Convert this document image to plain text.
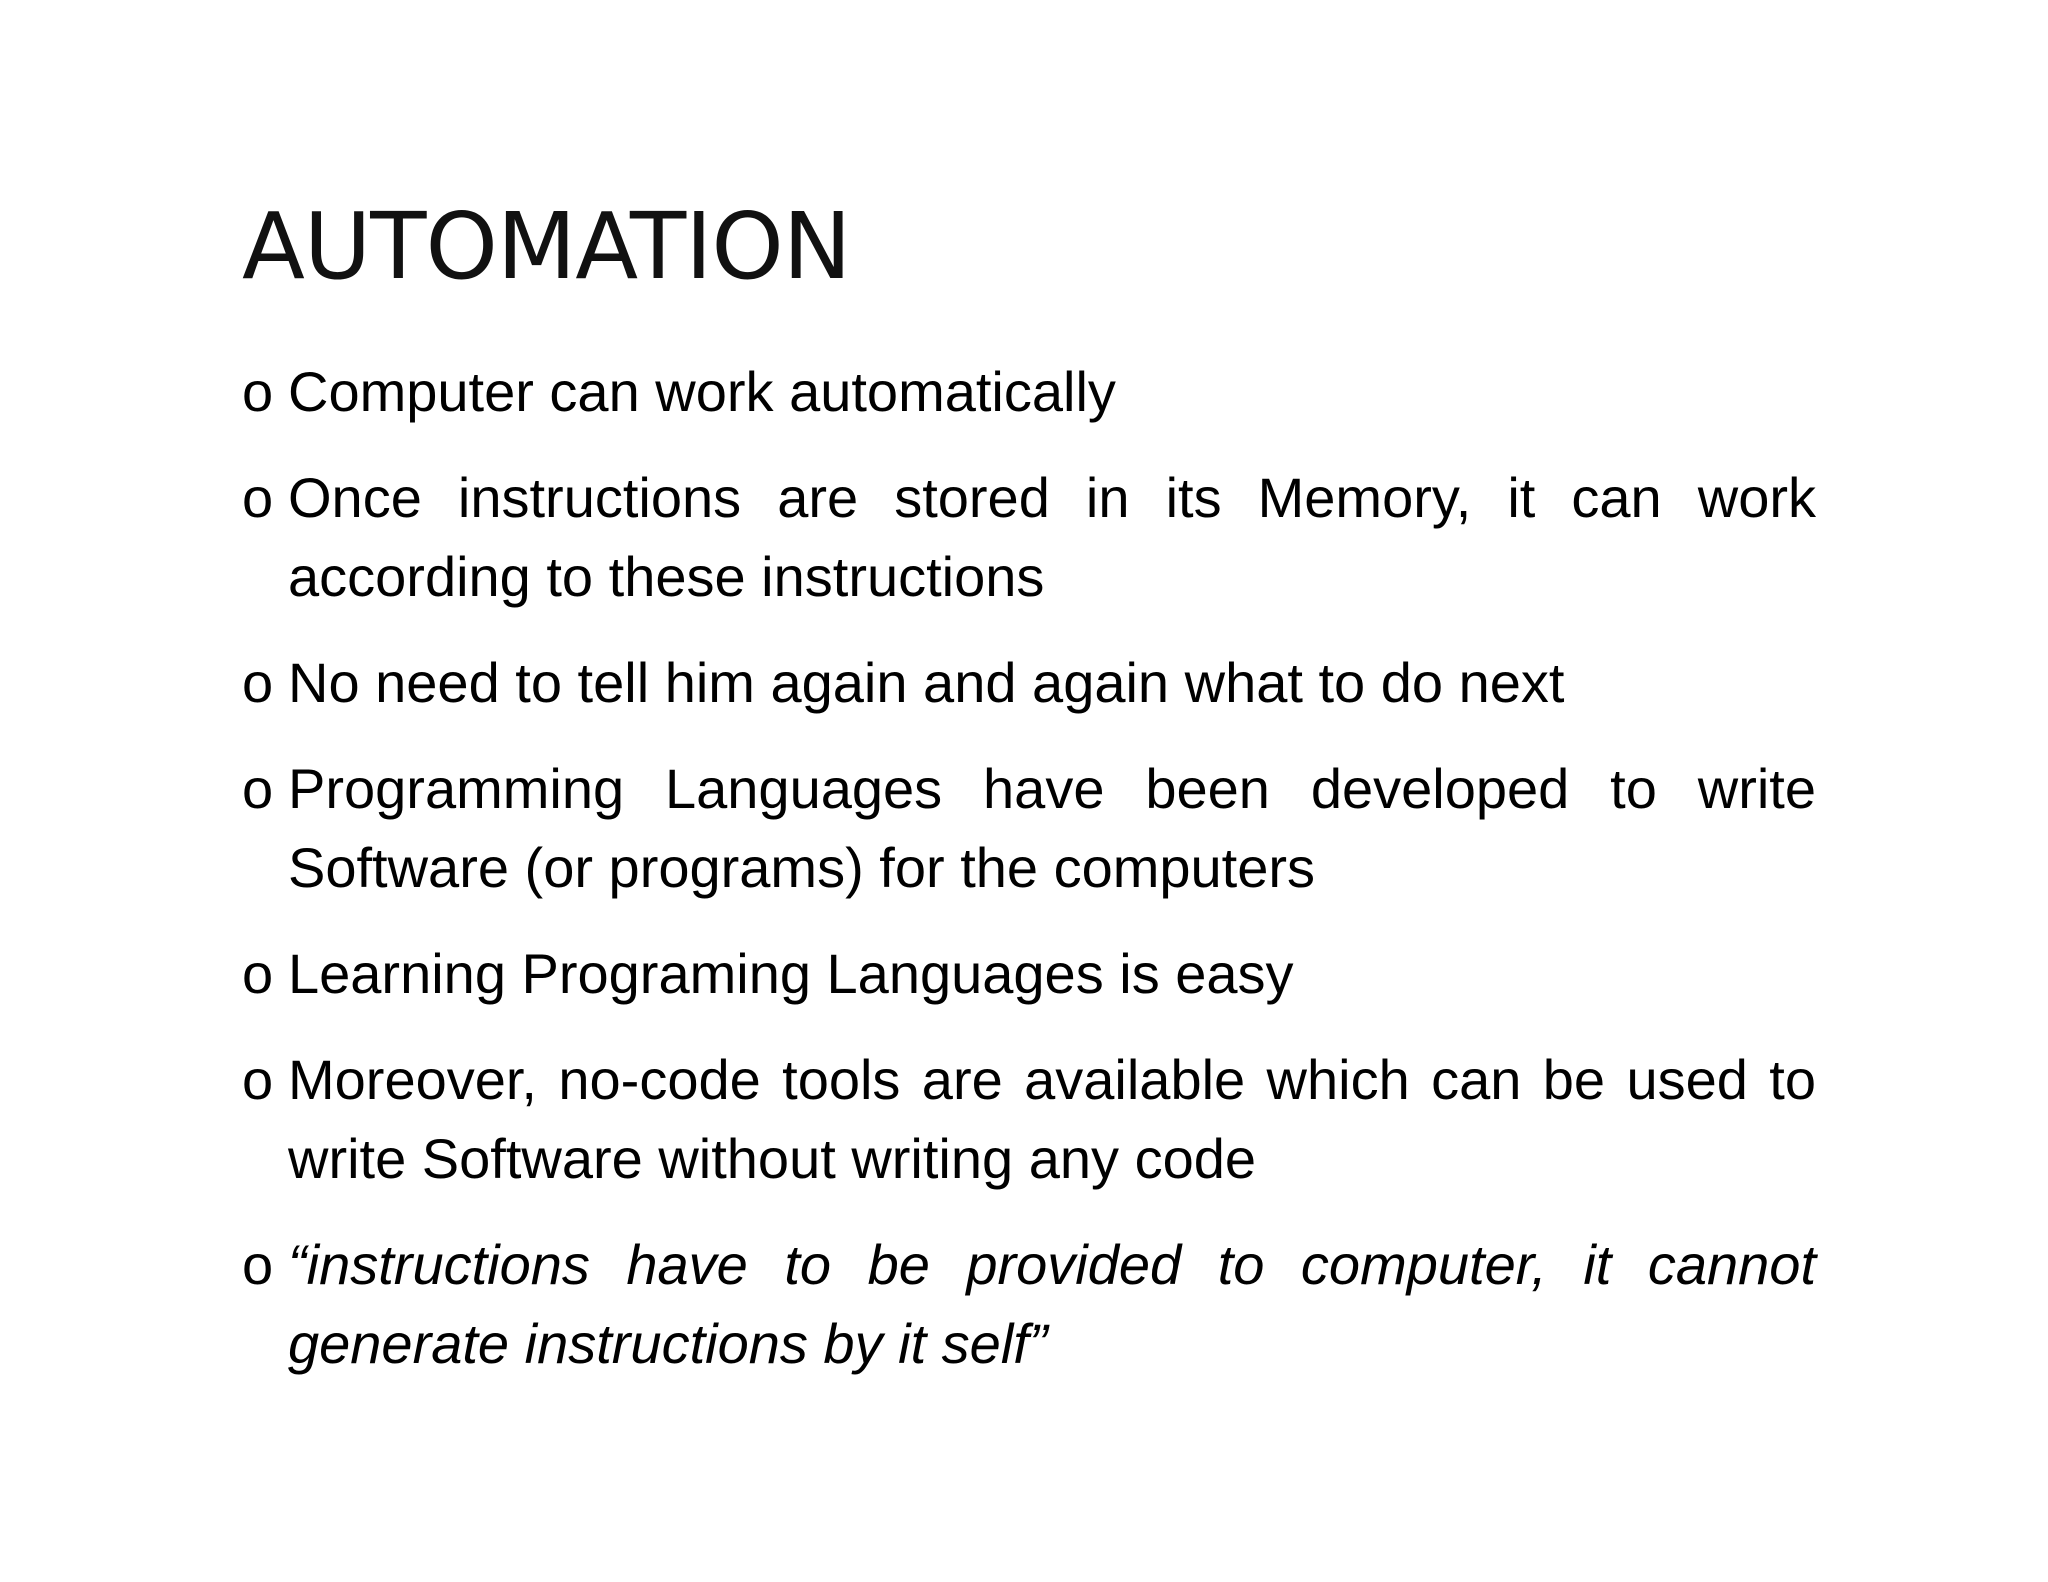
AUTOMATION
o Computer can work automatically
o Once instructions are stored in its Memory, it can work according to these instructions
o No need to tell him again and again what to do next
o Programming Languages have been developed to write Software (or programs) for the computers
o Learning Programing Languages is easy
o Moreover, no-code tools are available which can be used to write Software without writing any code
o “instructions have to be provided to computer, it cannot generate instructions by it self”
